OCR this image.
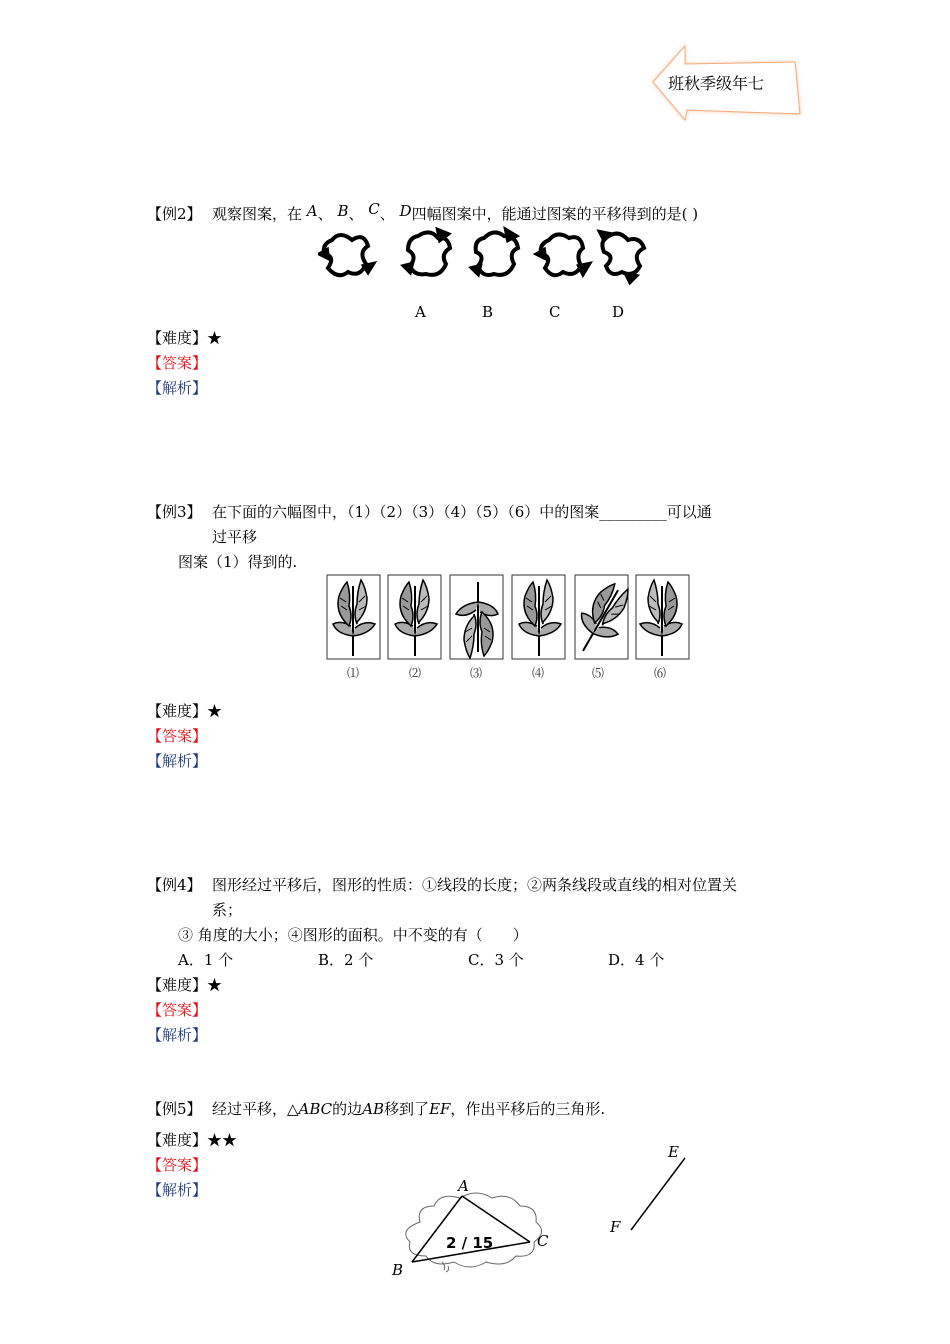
班秋季级年七
【例2】 观察图案，在 A、 B、 C、 D四幅图案中，能通过图案的平移得到的是( )
A	B	C	D
【难度】★
【答案】
【解析】
【例3】 在下面的六幅图中，（1）（2）（3）（4）（5）（6）中的图案_________可以通
过平移
图案（1）得到的.
⑴	⑵	⑶	⑷	⑸	⑹
【难度】★
【答案】
【解析】
【例4】 图形经过平移后，图形的性质：①线段的长度；②两条线段或直线的相对位置关
系；
③ 角度的大小；④图形的面积。中不变的有（　　）
A．1 个	B．2 个	C．3 个	D．4 个
【难度】★
【答案】
【解析】
【例5】 经过平移，△ABC的边AB移到了EF，作出平移后的三角形.
【难度】★★
【答案】
【解析】
2 / 15
A
B
C
E
F
